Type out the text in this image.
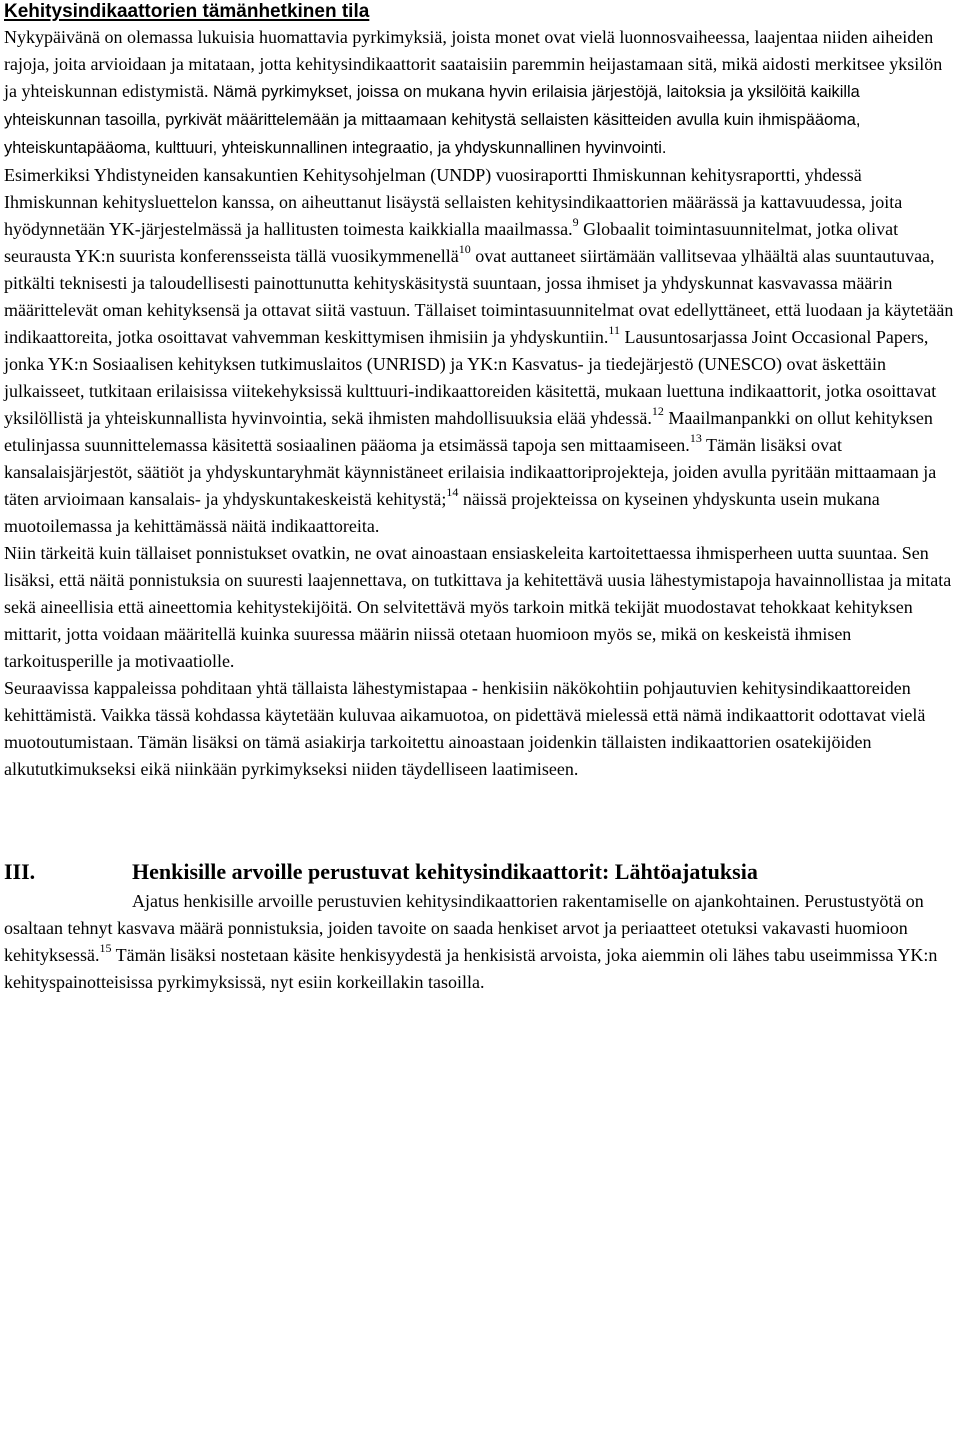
Kehitysindikaattorien tämänhetkinen tila

Nykypäivänä on olemassa lukuisia huomattavia pyrkimyksiä, joista monet ovat vielä luonnosvaiheessa, laajentaa niiden aiheiden rajoja, joita arvioidaan ja mitataan, jotta kehitysindikaattorit saataisiin paremmin heijastamaan sitä, mikä aidosti merkitsee yksilön ja yhteiskunnan edistymistä. Nämä pyrkimykset, joissa on mukana hyvin erilaisia järjestöjä, laitoksia ja yksilöitä kaikilla yhteiskunnan tasoilla, pyrkivät määrittelemään ja mittaamaan kehitystä sellaisten käsitteiden avulla kuin ihmispääoma, yhteiskuntapääoma, kulttuuri, yhteiskunnallinen integraatio, ja yhdyskunnallinen hyvinvointi.

Esimerkiksi Yhdistyneiden kansakuntien Kehitysohjelman (UNDP) vuosiraportti Ihmiskunnan kehitysraportti, yhdessä Ihmiskunnan kehitysluettelon kanssa, on aiheuttanut lisäystä sellaisten kehitysindikaattorien määrässä ja kattavuudessa, joita hyödynnetään YK-järjestelmässä ja hallitusten toimesta kaikkialla maailmassa.$^9$ Globaalit toimintasuunnitelmat, jotka olivat seurausta YK:n suurista konferensseista tällä vuosikymmenellä$^{10}$ ovat auttaneet siirtämään vallitsevaa ylhäältä alas suuntautuvaa, pitkälti teknisesti ja taloudellisesti painottunutta kehityskäsitystä suuntaan, jossa ihmiset ja yhdyskunnat kasvavassa määrin määrittelevät oman kehityksensä ja ottavat siitä vastuun. Tällaiset toimintasuunnitelmat ovat edellyttäneet, että luodaan ja käytetään indikaattoreita, jotka osoittavat vahvemman keskittymisen ihmisiin ja yhdyskuntiin.$^{11}$ Lausuntosarjassa Joint Occasional Papers, jonka YK:n Sosiaalisen kehityksen tutkimuslaitos (UNRISD) ja YK:n Kasvatus- ja tiedejärjestö (UNESCO) ovat äskettäin julkaisseet, tutkitaan erilaisissa viitekehyksissä kulttuuri-indikaattoreiden käsitettä, mukaan luettuna indikaattorit, jotka osoittavat yksilöllistä ja yhteiskunnallista hyvinvointia, sekä ihmisten mahdollisuuksia elää yhdessä.$^{12}$ Maailmanpankki on ollut kehityksen etulinjassa suunnittelemassa käsitettä sosiaalinen pääoma ja etsimässä tapoja sen mittaamiseen.$^{13}$ Tämän lisäksi ovat kansalaisjärjestöt, säätiöt ja yhdyskuntaryhmät käynnistäneet erilaisia indikaattoriprojekteja, joiden avulla pyritään mittaamaan ja täten arvioimaan kansalais- ja yhdyskuntakeskeistä kehitystä;$^{14}$ näissä projekteissa on kyseinen yhdyskunta usein mukana muotoilemassa ja kehittämässä näitä indikaattoreita.

Niin tärkeitä kuin tällaiset ponnistukset ovatkin, ne ovat ainoastaan ensiaskeleita kartoitettaessa ihmisperheen uutta suuntaa. Sen lisäksi, että näitä ponnistuksia on suuresti laajennettava, on tutkittava ja kehitettävä uusia lähestymistapoja havainnollistaa ja mitata sekä aineellisia että aineettomia kehitystekijöitä. On selvitettävä myös tarkoin mitkä tekijät muodostavat tehokkaat kehityksen mittarit, jotta voidaan määritellä kuinka suuressa määrin niissä otetaan huomioon myös se, mikä on keskeistä ihmisen tarkoitusperille ja motivaatiolle.

Seuraavissa kappaleissa pohditaan yhtä tällaista lähestymistapaa - henkisiin näkökohtiin pohjautuvien kehitysindikaattoreiden kehittämistä. Vaikka tässä kohdassa käytetään kuluvaa aikamuotoa, on pidettävä mielessä että nämä indikaattorit odottavat vielä muotoutumistaan. Tämän lisäksi on tämä asiakirja tarkoitettu ainoastaan joidenkin tällaisten indikaattorien osatekijöiden alkututkimukseksi eikä niinkään pyrkimykseksi niiden täydelliseen laatimiseen.

III.	Henkisille arvoille perustuvat kehitysindikaattorit: Lähtöajatuksia

Ajatus henkisille arvoille perustuvien kehitysindikaattorien rakentamiselle on ajankohtainen. Perustustyötä on osaltaan tehnyt kasvava määrä ponnistuksia, joiden tavoite on saada henkiset arvot ja periaatteet otetuksi vakavasti huomioon kehityksessä.$^{15}$ Tämän lisäksi nostetaan käsite henkisyydestä ja henkisistä arvoista, joka aiemmin oli lähes tabu useimmissa YK:n kehityspainotteisissa pyrkimyksissä, nyt esiin korkeillakin tasoilla.
